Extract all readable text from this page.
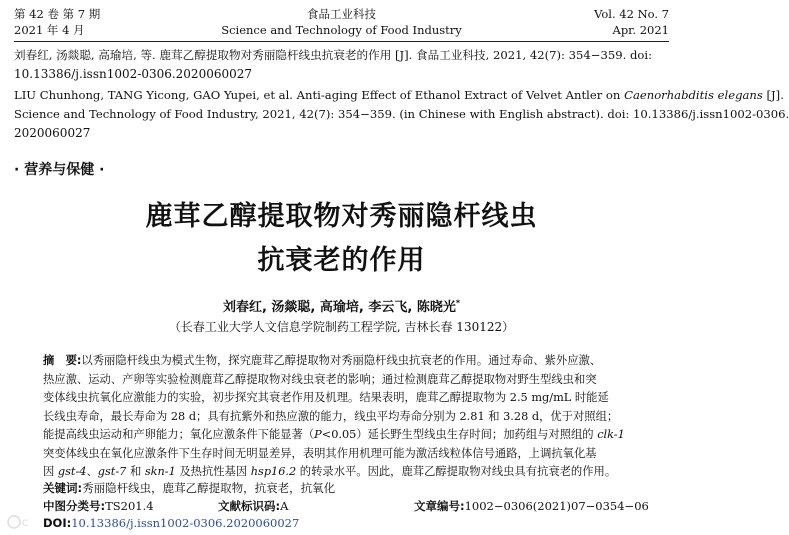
第 42 卷 第 7 期
2021 年 4 月
食品工业科技
Science and Technology of Food Industry
Vol. 42 No. 7
Apr. 2021
刘春红, 汤燚聪, 高瑜培, 等. 鹿茸乙醇提取物对秀丽隐杆线虫抗衰老的作用 [J]. 食品工业科技, 2021, 42(7): 354−359. doi:
10.13386/j.issn1002-0306.2020060027
LIU Chunhong, TANG Yicong, GAO Yupei, et al. Anti-aging Effect of Ethanol Extract of Velvet Antler on Caenorhabditis elegans [J].
Science and Technology of Food Industry, 2021, 42(7): 354−359. (in Chinese with English abstract). doi: 10.13386/j.issn1002-0306.
2020060027
· 营养与保健 ·
鹿茸乙醇提取物对秀丽隐杆线虫
抗衰老的作用
刘春红, 汤燚聪, 高瑜培, 李云飞, 陈晓光*
（长春工业大学人文信息学院制药工程学院, 吉林长春 130122）
摘　要:以秀丽隐杆线虫为模式生物，探究鹿茸乙醇提取物对秀丽隐杆线虫抗衰老的作用。通过寿命、紫外应激、
热应激、运动、产卵等实验检测鹿茸乙醇提取物对线虫衰老的影响；通过检测鹿茸乙醇提取物对野生型线虫和突
变体线虫抗氧化应激能力的实验，初步探究其衰老作用及机理。结果表明，鹿茸乙醇提取物为 2.5 mg/mL 时能延
长线虫寿命，最长寿命为 28 d；具有抗紫外和热应激的能力，线虫平均寿命分别为 2.81 和 3.28 d，优于对照组；
能提高线虫运动和产卵能力；氧化应激条件下能显著（P<0.05）延长野生型线虫生存时间；加药组与对照组的 clk-1
突变体线虫在氧化应激条件下生存时间无明显差异，表明其作用机理可能为激活线粒体信号通路，上调抗氧化基
因 gst-4、gst-7 和 skn-1 及热抗性基因 hsp16.2 的转录水平。因此，鹿茸乙醇提取物对线虫具有抗衰老的作用。
关键词:秀丽隐杆线虫，鹿茸乙醇提取物，抗衰老，抗氧化
中图分类号:TS201.4	文献标识码:A	文章编号:1002−0306(2021)07−0354−06
DOI:10.13386/j.issn1002-0306.2020060027
C
